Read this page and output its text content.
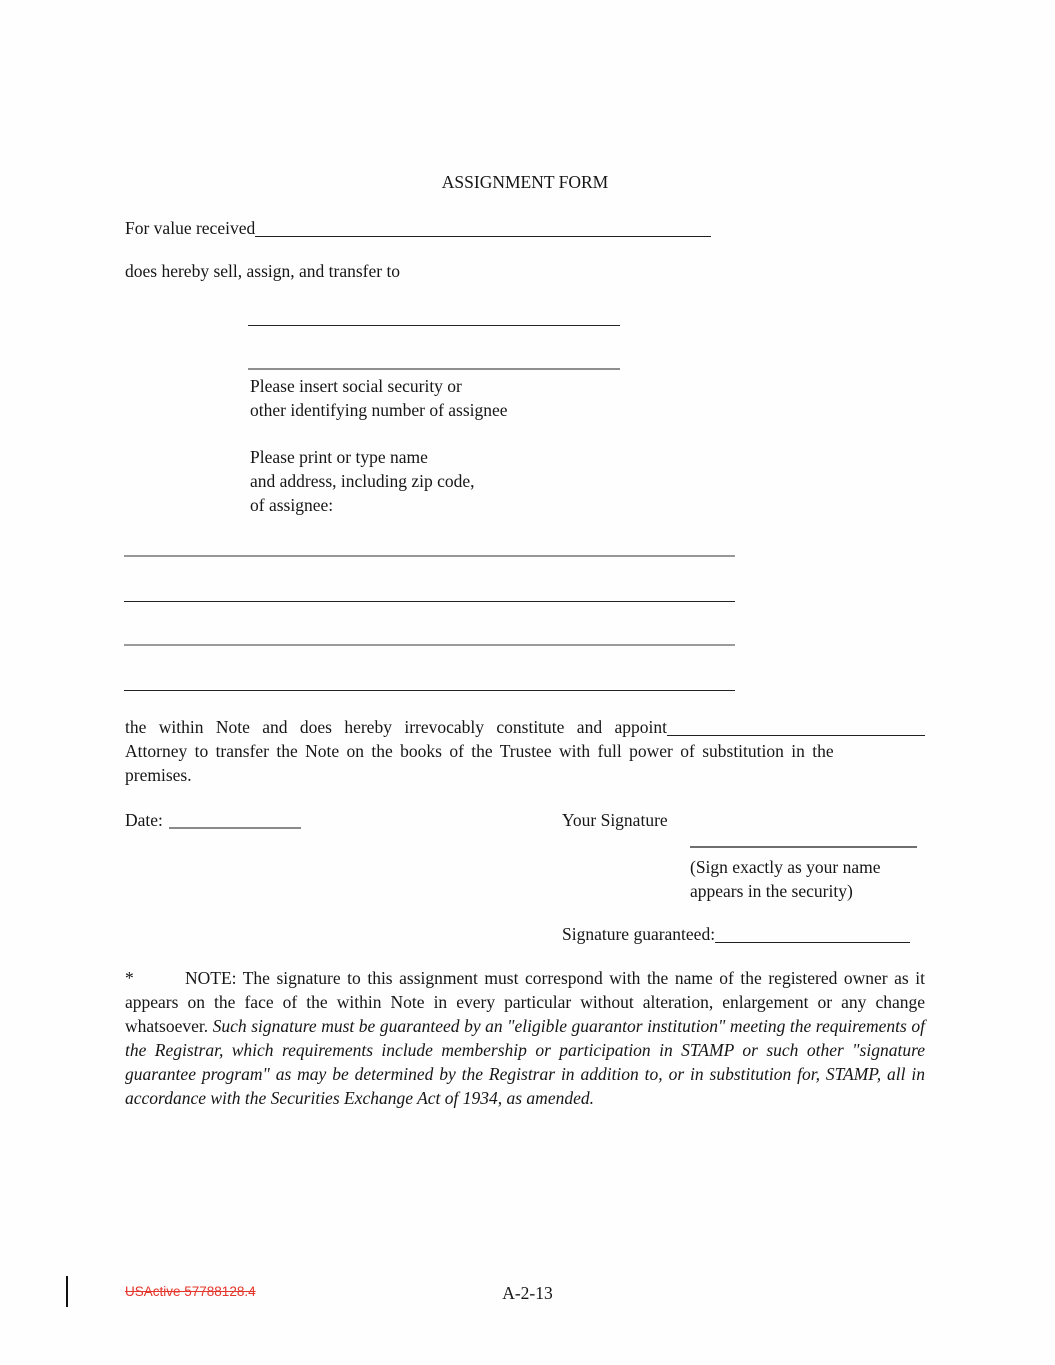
ASSIGNMENT FORM
For value received
does hereby sell, assign, and transfer to
Please insert social security or
other identifying number of assignee
Please print or type name
and address, including zip code,
of assignee:
the within Note and does hereby irrevocably constitute and appoint
Attorney to transfer the Note on the books of the Trustee with full power of substitution in the
premises.
Date:	Your Signature
(Sign exactly as your name
appears in the security)
Signature guaranteed:
*	NOTE: The signature to this assignment must correspond with the name of the registered owner as it appears on the face of the within Note in every particular without alteration, enlargement or any change whatsoever. Such signature must be guaranteed by an "eligible guarantor institution" meeting the requirements of the Registrar, which requirements include membership or participation in STAMP or such other "signature guarantee program" as may be determined by the Registrar in addition to, or in substitution for, STAMP, all in accordance with the Securities Exchange Act of 1934, as amended.
USActive 57788128.4	A-2-13
